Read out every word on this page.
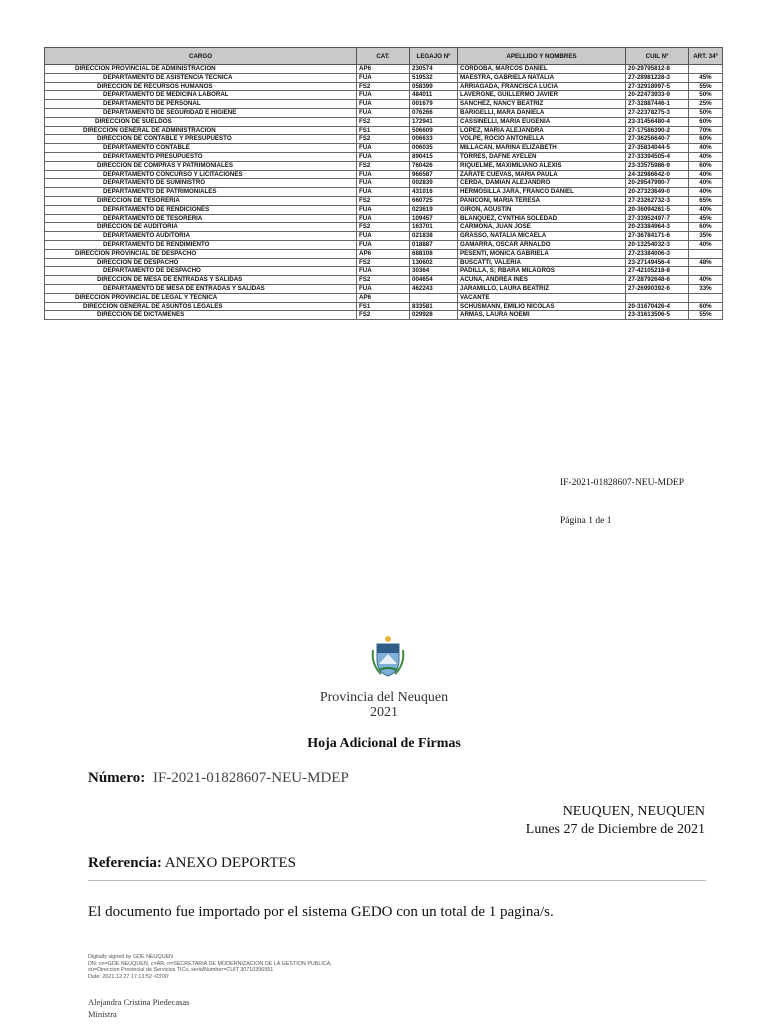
CARGO	CAT.	LEGAJO Nº	APELLIDO Y NOMBRES	CUIL Nº	ART. 34º
DIRECCIÓN PROVINCIAL DE ADMINISTRACIÓN	AP6	230574	CORDOBA, MARCOS DANIEL	20-29795812-8	
DEPARTAMENTO DE ASISTENCIA TECNICA	FUA	519532	MAESTRA, GABRIELA NATALIA	27-28981228-3	45%
DIRECCIÓN DE RECURSOS HUMANOS	FS2	058399	ARRIAGADA, FRANCISCA LUCIA	27-32918997-5	55%
DEPARTAMENTO DE MEDICINA LABORAL	FUA	484011	LAVERGNE, GUILLERMO JAVIER	20-22473933-9	50%
DEPARTAMENTO DE PERSONAL	FUA	001679	SANCHEZ, NANCY BEATRIZ	27-32887446-1	25%
DEPARTAMENTO DE SEGURIDAD E HIGIENE	FUA	076266	BARIGELLI, MARA DANIELA	27-22378275-3	50%
DIRECCIÓN DE SUELDOS	FS2	172941	CASSINELLI, MARIA EUGENIA	23-31456480-4	60%
DIRECCIÓN GENERAL DE ADMINISTRACIÓN	FS1	506609	LOPEZ, MARIA ALEJANDRA	27-17586390-2	70%
DIRECCIÓN DE CONTABLE Y PRESUPUESTO	FS2	006633	VOLPE, ROCIO ANTONELLA	27-36256640-7	60%
DEPARTAMENTO CONTABLE	FUA	006035	MILLACAN, MARINA ELIZABETH	27-35834044-5	40%
DEPARTAMENTO PRESUPUESTO	FUA	890415	TORRES, DAFNE AYELEN	27-33394505-4	40%
DIRECCIÓN DE COMPRAS Y PATRIMONIALES	FS2	760426	RIQUELME, MAXIMILIANO ALEXIS	23-33575986-9	60%
DEPARTAMENTO CONCURSO Y LICITACIONES	FUA	966587	ZARATE CUEVAS, MARIA PAULA	24-32986642-0	40%
DEPARTAMENTO DE SUMINISTRO	FUA	002839	CERDA, DAMIAN ALEJANDRO	20-29547990-7	40%
DEPARTAMENTO DE PATRIMONIALES	FUA	431016	HERMOSILLA JARA, FRANCO DANIEL	20-27323649-0	40%
DIRECCIÓN DE TESORERIA	FS2	660725	PANICONI, MARIA TERESA	27-23262732-3	65%
DEPARTAMENTO DE RENDICIONES	FUA	023619	GIRON, AGUSTIN	20-36094261-5	40%
DEPARTAMENTO DE TESORERIA	FUA	109457	BLANQUEZ, CYNTHIA SOLEDAD	27-33952497-7	45%
DIRECCIÓN DE AUDITORIA	FS2	163701	CARMONA, JUAN JOSE	20-23384964-3	60%
DEPARTAMENTO AUDITORIA	FUA	021838	GRASSO, NATALIA MICAELA	27-36784171-6	35%
DEPARTAMENTO DE RENDIMIENTO	FUA	018887	GAMARRA, OSCAR ARNALDO	20-13254032-3	40%
DIRECCION PROVINCIAL DE DESPACHO	AP6	688108	PESENTI, MONICA GABRIELA	27-23384006-3	
DIRECCIÓN DE DESPACHO	FS2	130602	BUSCATTI, VALERIA	23-27149456-4	48%
DEPARTAMENTO DE DESPACHO	FUA	30364	PADILLA, S; RBARA MILAGROS	27-42105218-8	
DIRECCIÓN DE MESA DE ENTRADAS Y SALIDAS	FS2	004654	ACUÑA, ANDREA INES	27-28792648-6	40%
DEPARTAMENTO DE MESA DE ENTRADAS Y SALIDAS	FUA	462243	JARAMILLO, LAURA BEATRIZ	27-26990392-6	33%
DIRECCION PROVINCIAL DE LEGAL Y TECNICA	AP6		VACANTE		
DIRECCIÓN GENERAL DE ASUNTOS LEGALES	FS1	833581	SCHUSMANN, EMILIO NICOLAS	20-31670426-4	60%
DIRECCIÓN DE DICTAMENES	FS2	029928	ARMAS, LAURA NOEMI	23-31613506-5	55%
IF-2021-01828607-NEU-MDEP
Página 1 de 1
Provincia del Neuquen
2021
Hoja Adicional de Firmas
Número: IF-2021-01828607-NEU-MDEP
NEUQUEN, NEUQUEN
Lunes 27 de Diciembre de 2021
Referencia: ANEXO DEPORTES
El documento fue importado por el sistema GEDO con un total de 1 pagina/s.
Digitally signed by GDE NEUQUEN
DN: cn=GDE NEUQUEN, c=AR, o=SECRETARIA DE MODERNIZACION DE LA GESTION PUBLICA,
ou=Direccion Provincial de Servicios TICs, serialNumber=CUIT 30710396951
Date: 2021.12.27 17:13:52 -03'00'
Alejandra Cristina Piedecasas
Ministra
